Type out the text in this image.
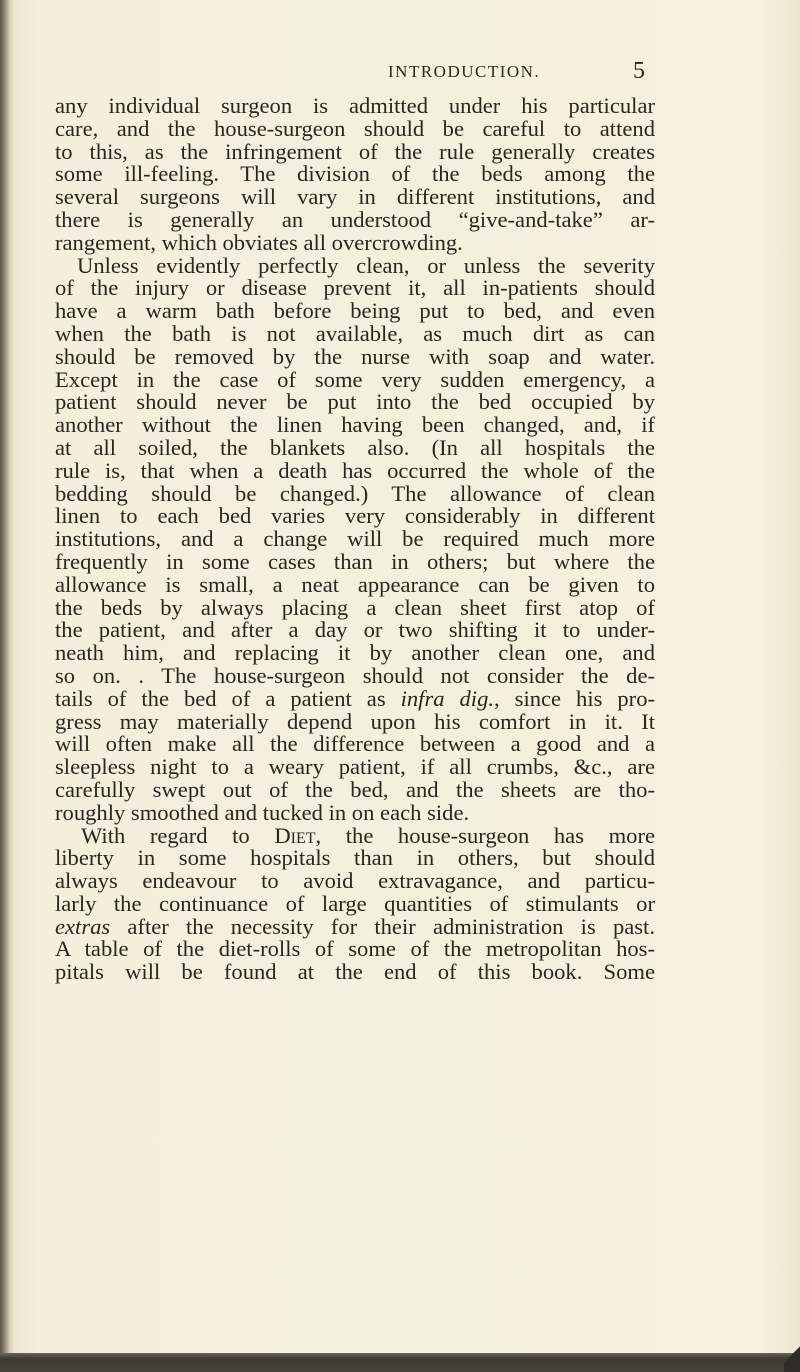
INTRODUCTION.	5
any individual surgeon is admitted under his particular
care, and the house-surgeon should be careful to attend
to this, as the infringement of the rule generally creates
some ill-feeling. The division of the beds among the
several surgeons will vary in different institutions, and
there is generally an understood “give-and-take” ar-
rangement, which obviates all overcrowding.
Unless evidently perfectly clean, or unless the severity
of the injury or disease prevent it, all in-patients should
have a warm bath before being put to bed, and even
when the bath is not available, as much dirt as can
should be removed by the nurse with soap and water.
Except in the case of some very sudden emergency, a
patient should never be put into the bed occupied by
another without the linen having been changed, and, if
at all soiled, the blankets also. (In all hospitals the
rule is, that when a death has occurred the whole of the
bedding should be changed.) The allowance of clean
linen to each bed varies very considerably in different
institutions, and a change will be required much more
frequently in some cases than in others; but where the
allowance is small, a neat appearance can be given to
the beds by always placing a clean sheet first atop of
the patient, and after a day or two shifting it to under-
neath him, and replacing it by another clean one, and
so on. . The house-surgeon should not consider the de-
tails of the bed of a patient as infra dig., since his pro-
gress may materially depend upon his comfort in it. It
will often make all the difference between a good and a
sleepless night to a weary patient, if all crumbs, &c., are
carefully swept out of the bed, and the sheets are tho-
roughly smoothed and tucked in on each side.
With regard to Diet, the house-surgeon has more
liberty in some hospitals than in others, but should
always endeavour to avoid extravagance, and particu-
larly the continuance of large quantities of stimulants or
extras after the necessity for their administration is past.
A table of the diet-rolls of some of the metropolitan hos-
pitals will be found at the end of this book. Some
